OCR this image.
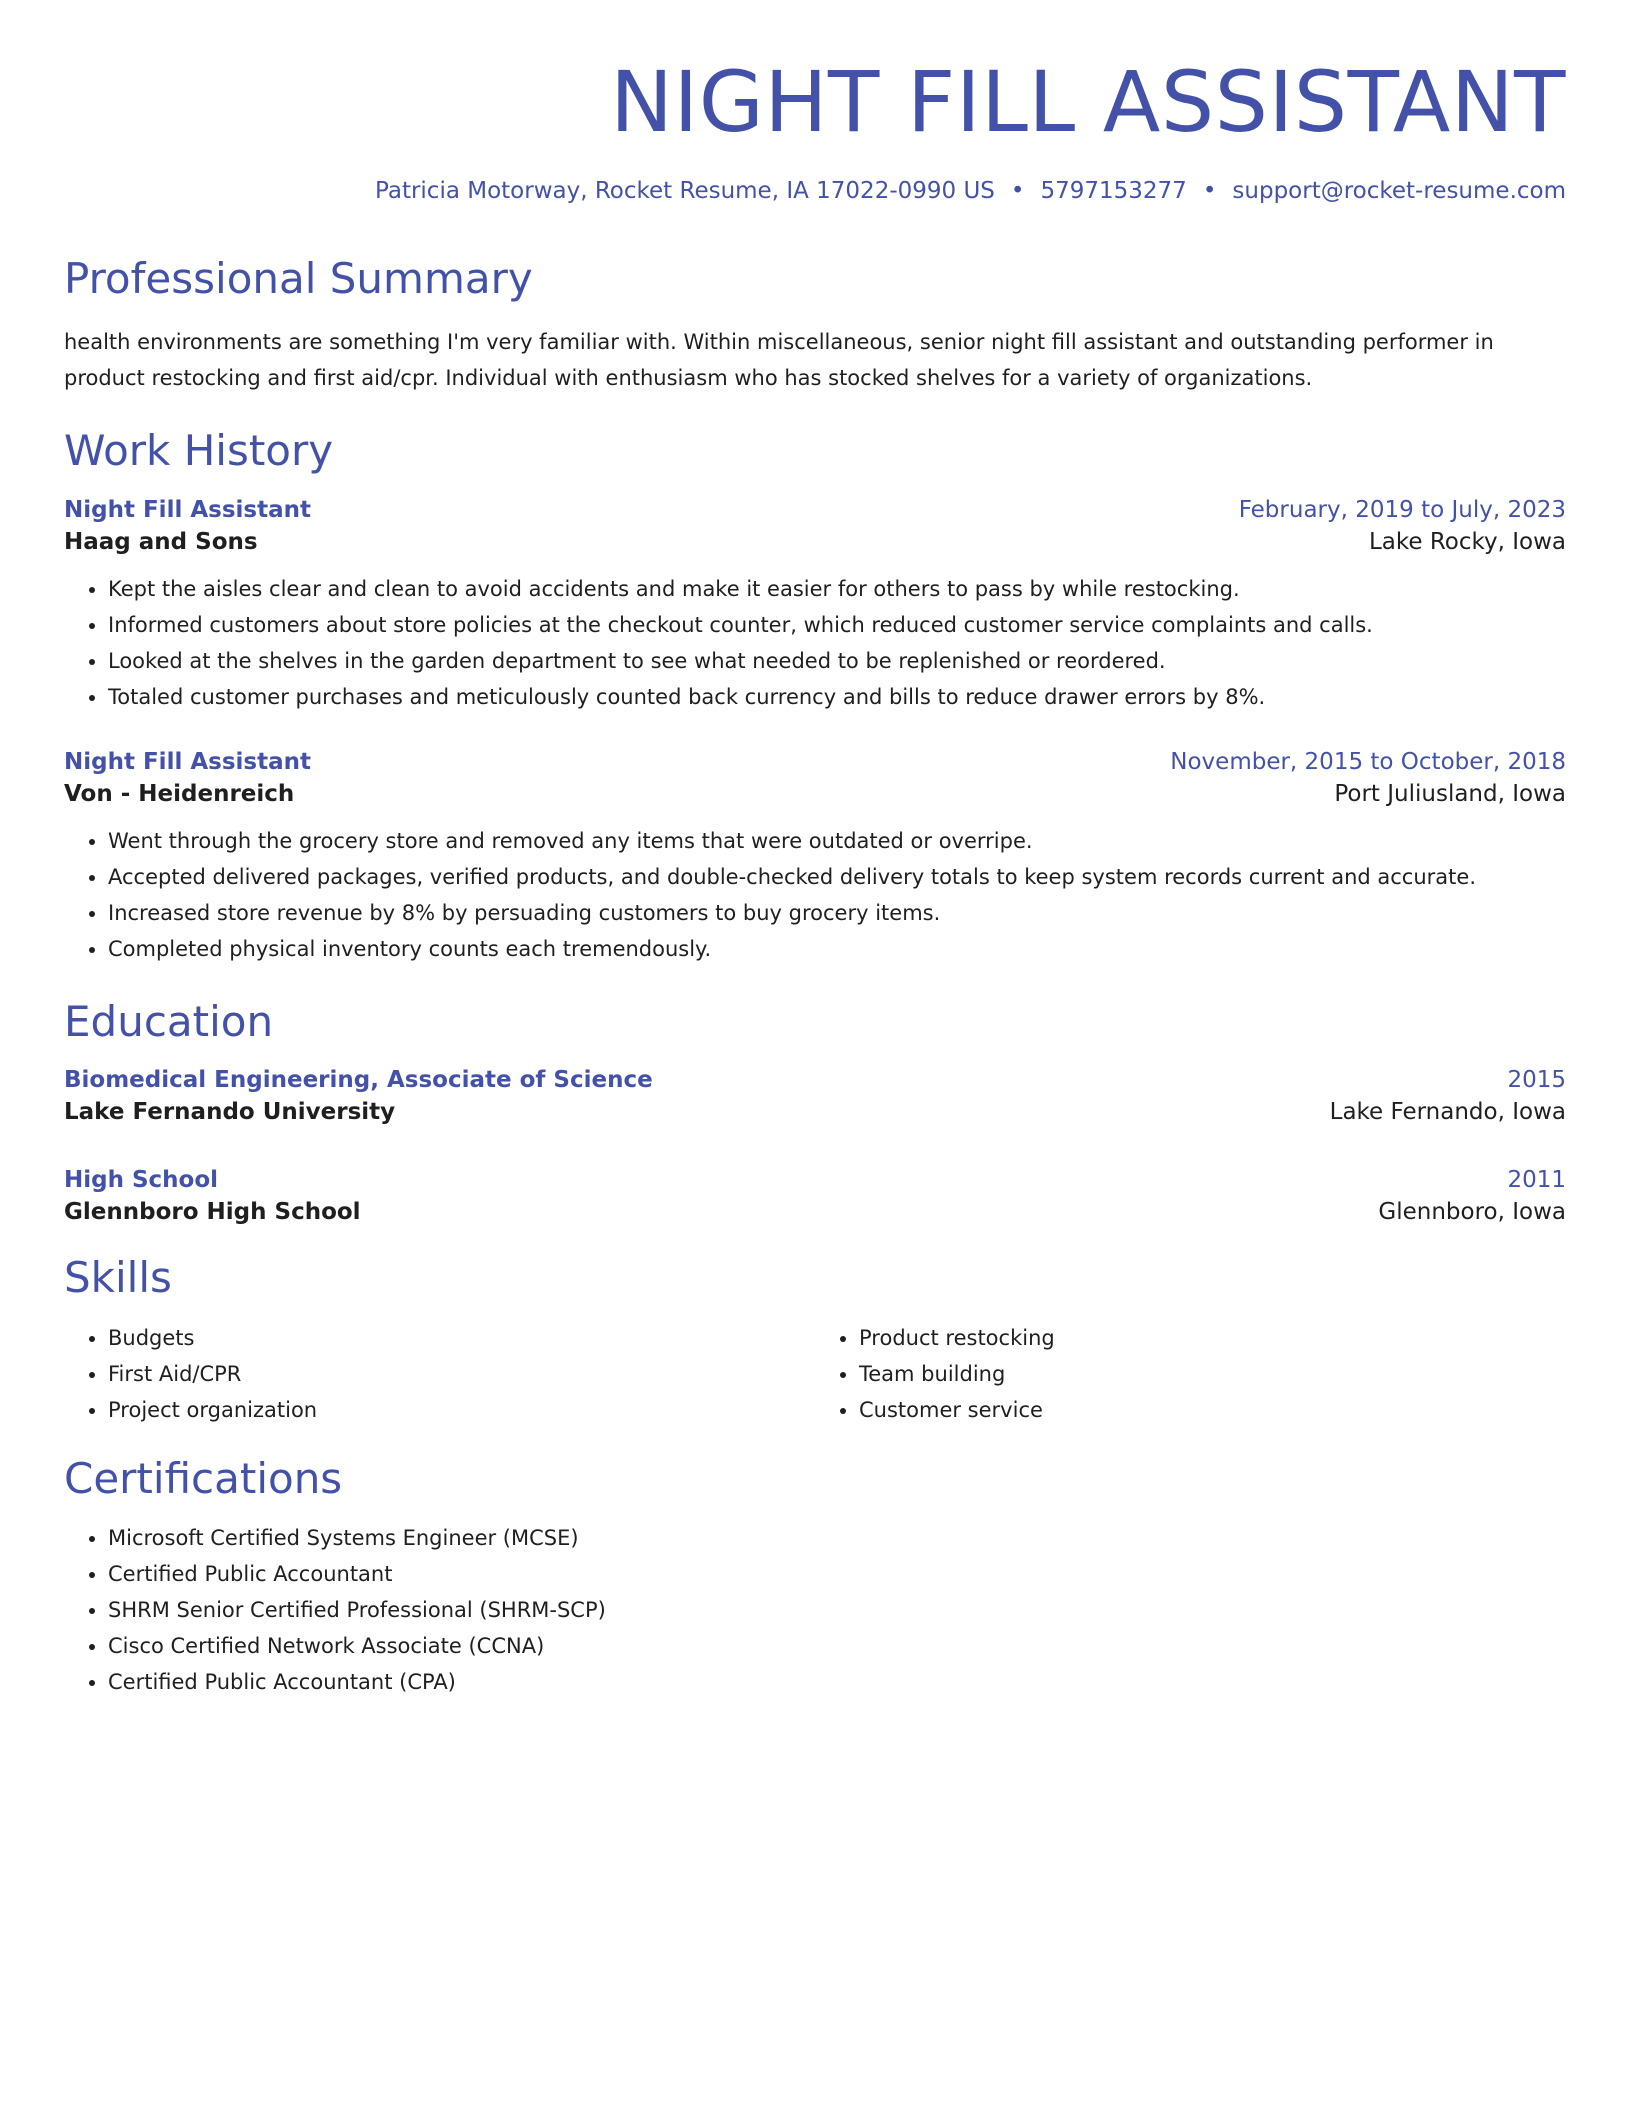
NIGHT FILL ASSISTANT
Patricia Motorway, Rocket Resume, IA 17022-0990 US • 5797153277 • support@rocket-resume.com
Professional Summary

health environments are something I'm very familiar with. Within miscellaneous, senior night fill assistant and outstanding performer in product restocking and first aid/cpr. Individual with enthusiasm who has stocked shelves for a variety of organizations.

Work History
Night Fill Assistant	February, 2019 to July, 2023
Haag and Sons	Lake Rocky, Iowa
• Kept the aisles clear and clean to avoid accidents and make it easier for others to pass by while restocking.
• Informed customers about store policies at the checkout counter, which reduced customer service complaints and calls.
• Looked at the shelves in the garden department to see what needed to be replenished or reordered.
• Totaled customer purchases and meticulously counted back currency and bills to reduce drawer errors by 8%.
Night Fill Assistant	November, 2015 to October, 2018
Von - Heidenreich	Port Juliusland, Iowa
• Went through the grocery store and removed any items that were outdated or overripe.
• Accepted delivered packages, verified products, and double-checked delivery totals to keep system records current and accurate.
• Increased store revenue by 8% by persuading customers to buy grocery items.
• Completed physical inventory counts each tremendously.
Education
Biomedical Engineering, Associate of Science	2015
Lake Fernando University	Lake Fernando, Iowa
High School	2011
Glennboro High School	Glennboro, Iowa
Skills
• Budgets
• First Aid/CPR
• Project organization
• Product restocking
• Team building
• Customer service
Certifications
• Microsoft Certified Systems Engineer (MCSE)
• Certified Public Accountant
• SHRM Senior Certified Professional (SHRM-SCP)
• Cisco Certified Network Associate (CCNA)
• Certified Public Accountant (CPA)
